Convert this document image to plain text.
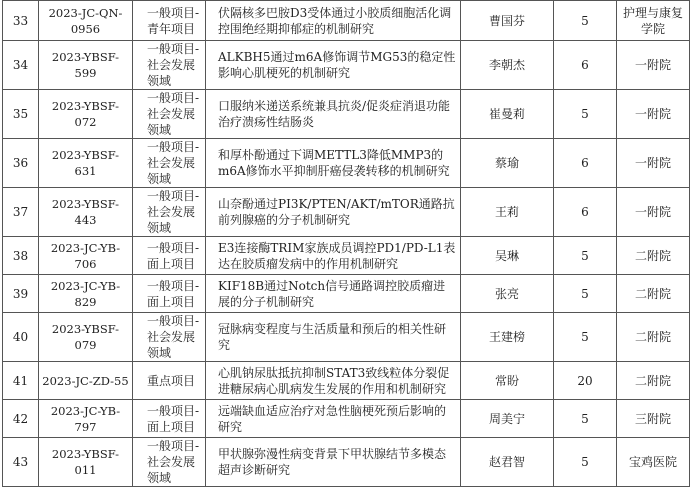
33	2023-JC-QN-0956	一般项目-青年项目	伏隔核多巴胺D3受体通过小胶质细胞活化调控围绝经期抑郁症的机制研究	曹国芬	5	护理与康复学院
34	2023-YBSF-599	一般项目-社会发展领域	ALKBH5通过m6A修饰调节MG53的稳定性影响心肌梗死的机制研究	李朝杰	6	一附院
35	2023-YBSF-072	一般项目-社会发展领域	口服纳米递送系统兼具抗炎/促炎症消退功能治疗溃疡性结肠炎	崔曼莉	5	一附院
36	2023-YBSF-631	一般项目-社会发展领域	和厚朴酚通过下调METTL3降低MMP3的m6A修饰水平抑制肝癌侵袭转移的机制研究	蔡瑜	6	一附院
37	2023-YBSF-443	一般项目-社会发展领域	山奈酚通过PI3K/PTEN/AKT/mTOR通路抗前列腺癌的分子机制研究	王莉	6	一附院
38	2023-JC-YB-706	一般项目-面上项目	E3连接酶TRIM家族成员调控PD1/PD-L1表达在胶质瘤发病中的作用机制研究	吴琳	5	二附院
39	2023-JC-YB-829	一般项目-面上项目	KIF18B通过Notch信号通路调控胶质瘤进展的分子机制研究	张亮	5	二附院
40	2023-YBSF-079	一般项目-社会发展领域	冠脉病变程度与生活质量和预后的相关性研究	王建榜	5	二附院
41	2023-JC-ZD-55	重点项目	心肌钠尿肽抵抗抑制STAT3致线粒体分裂促进糖尿病心肌病发生发展的作用和机制研究	常盼	20	二附院
42	2023-JC-YB-797	一般项目-面上项目	远端缺血适应治疗对急性脑梗死预后影响的研究	周美宁	5	三附院
43	2023-YBSF-011	一般项目-社会发展领域	甲状腺弥漫性病变背景下甲状腺结节多模态超声诊断研究	赵君智	5	宝鸡医院
